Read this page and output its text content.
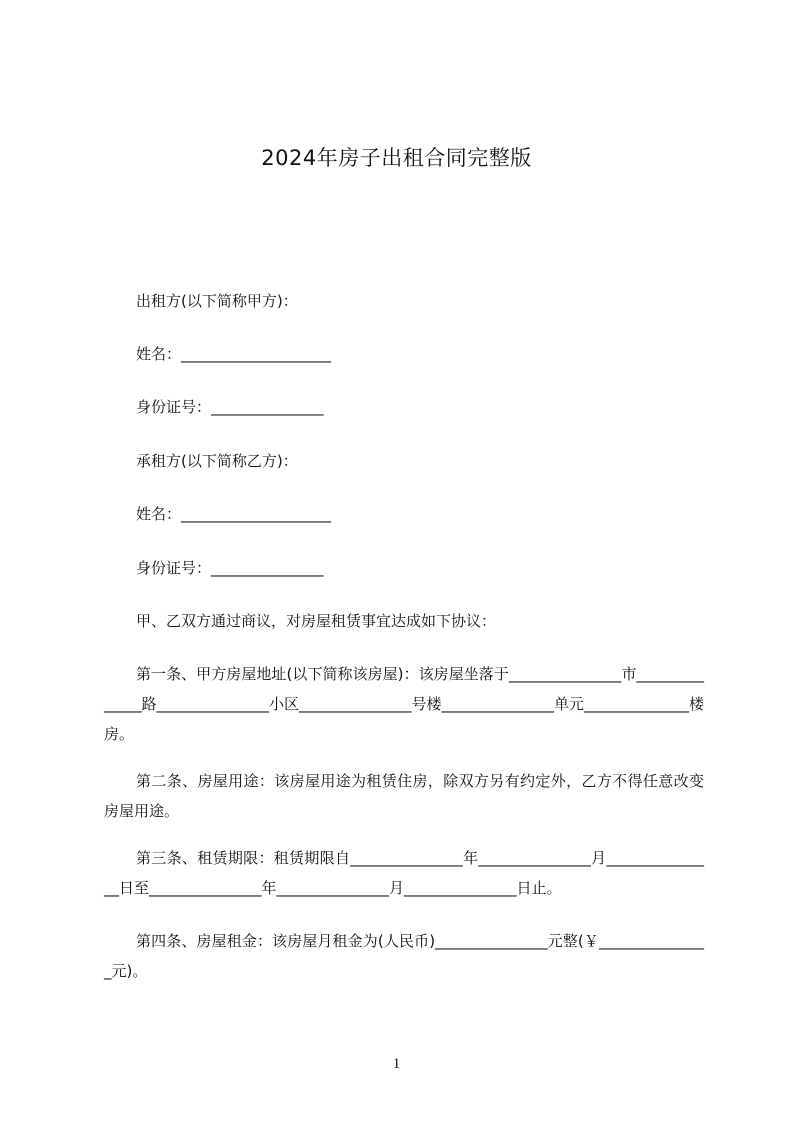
2024年房子出租合同完整版
出租方(以下简称甲方)：
姓名：____________________
身份证号：_______________
承租方(以下简称乙方)：
姓名：____________________
身份证号：_______________
甲、乙双方通过商议，对房屋租赁事宜达成如下协议：
第一条、甲方房屋地址(以下简称该房屋)：该房屋坐落于_______________市______________路_______________小区_______________号楼_______________单元______________楼房。
第二条、房屋用途：该房屋用途为租赁住房，除双方另有约定外，乙方不得任意改变房屋用途。
第三条、租赁期限：租赁期限自_______________年_______________月_______________日至_______________年_______________月_______________日止。
第四条、房屋租金：该房屋月租金为(人民币)_______________元整(￥_______________元)。
1
